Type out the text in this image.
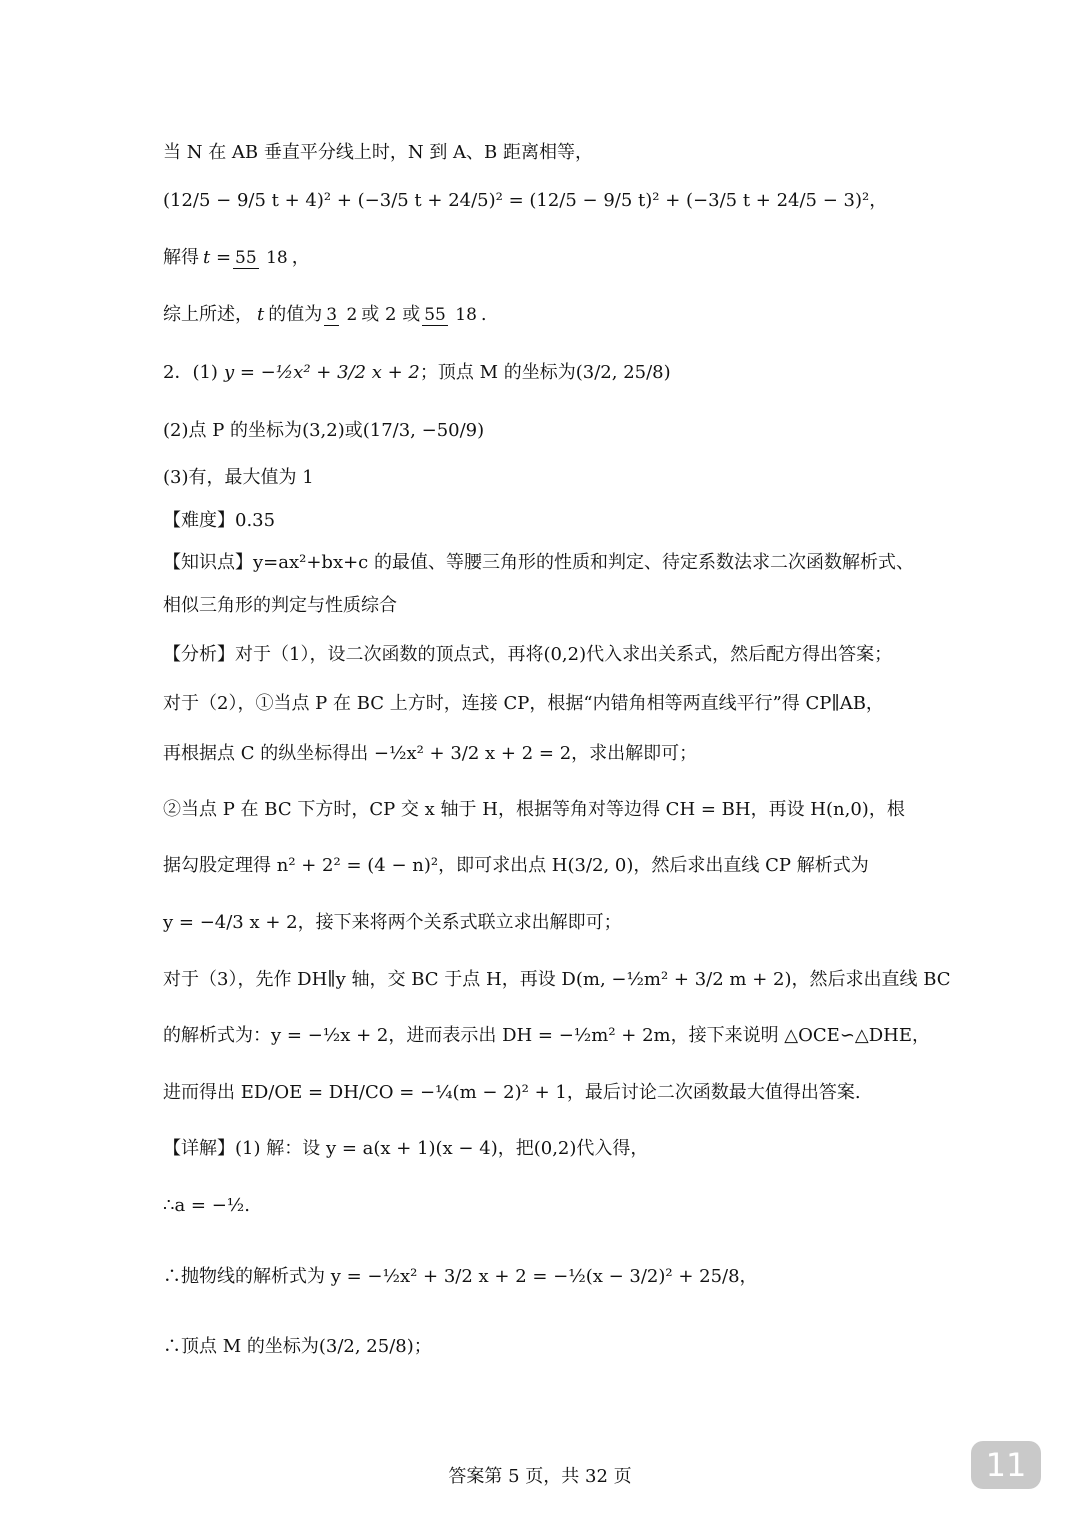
当 N 在 AB 垂直平分线上时，N 到 A、B 距离相等，
(12/5 − 9/5 t + 4)² + (−3/5 t + 24/5)² = (12/5 − 9/5 t)² + (−3/5 t + 24/5 − 3)²，
解得 t = 55 18 ，
综上所述， t 的值为 3 2 或 2 或 55 18 .
2．(1) y = −½x² + 3/2 x + 2 ；顶点 M 的坐标为 (3/2, 25/8)
(2)点 P 的坐标为 (3,2) 或 (17/3, −50/9)
(3)有，最大值为 1
【难度】0.35
【知识点】y=ax²+bx+c 的最值、等腰三角形的性质和判定、待定系数法求二次函数解析式、
相似三角形的判定与性质综合
【分析】对于（1），设二次函数的顶点式，再将(0,2)代入求出关系式，然后配方得出答案；
对于（2），①当点 P 在 BC 上方时，连接 CP，根据“内错角相等两直线平行”得 CP∥AB，
再根据点 C 的纵坐标得出 −½x² + 3/2 x + 2 = 2，求出解即可；
②当点 P 在 BC 下方时，CP 交 x 轴于 H，根据等角对等边得 CH = BH，再设 H(n,0)，根
据勾股定理得 n² + 2² = (4 − n)²，即可求出点 H(3/2, 0)，然后求出直线 CP 解析式为
y = −4/3 x + 2，接下来将两个关系式联立求出解即可；
对于（3），先作 DH∥y 轴，交 BC 于点 H，再设 D(m, −½m² + 3/2 m + 2)，然后求出直线 BC
的解析式为：y = −½x + 2，进而表示出 DH = −½m² + 2m，接下来说明 △OCE∽△DHE，
进而得出 ED/OE = DH/CO = −¼(m − 2)² + 1，最后讨论二次函数最大值得出答案.
【详解】(1) 解：设 y = a(x + 1)(x − 4)，把(0,2)代入得，
∴a = −½.
∴抛物线的解析式为 y = −½x² + 3/2 x + 2 = −½(x − 3/2)² + 25/8，
∴顶点 M 的坐标为(3/2, 25/8)；
答案第 5 页，共 32 页	11
